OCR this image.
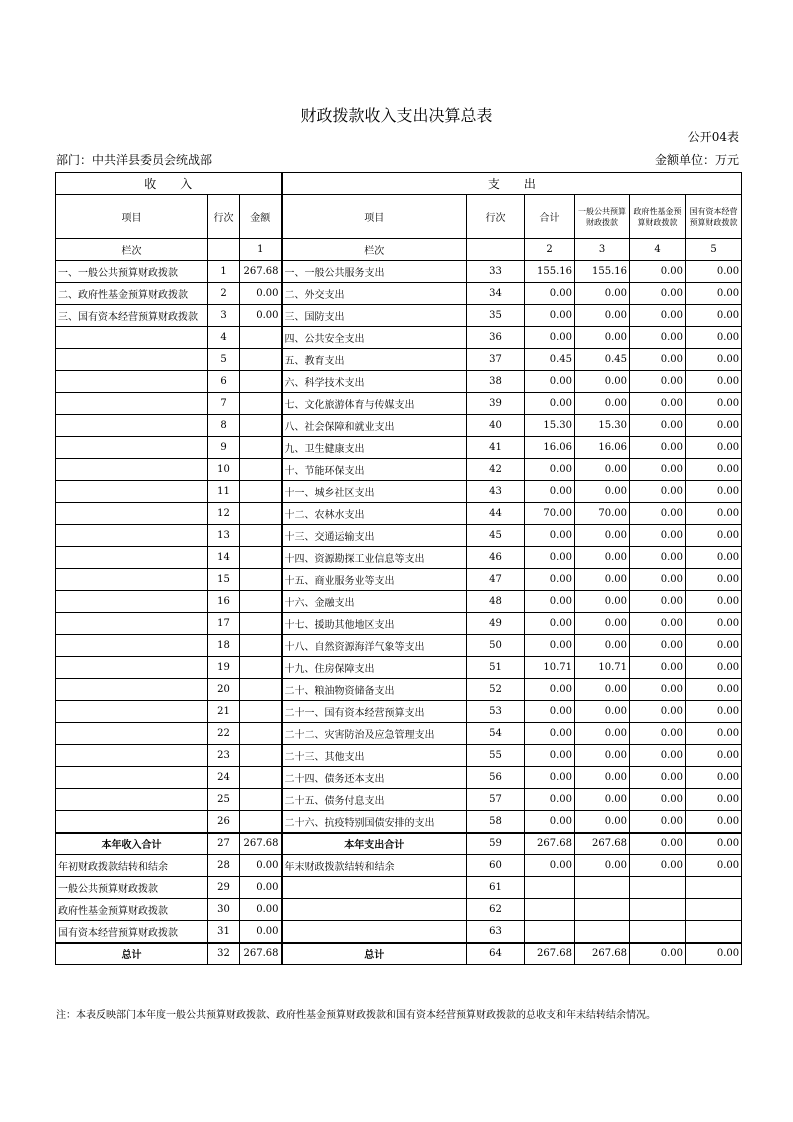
财政拨款收入支出决算总表
公开04表
部门：中共洋县委员会统战部	金额单位：万元
收　　入			支　　出					
项目	行次	金额	项目	行次	合计	一般公共预算财政拨款	政府性基金预算财政拨款	国有资本经营预算财政拨款
栏次		1	栏次		2	3	4	5
一、一般公共预算财政拨款	1	267.68	一、一般公共服务支出	33	155.16	155.16	0.00	0.00
二、政府性基金预算财政拨款	2	0.00	二、外交支出	34	0.00	0.00	0.00	0.00
三、国有资本经营预算财政拨款	3	0.00	三、国防支出	35	0.00	0.00	0.00	0.00
	4		四、公共安全支出	36	0.00	0.00	0.00	0.00
	5		五、教育支出	37	0.45	0.45	0.00	0.00
	6		六、科学技术支出	38	0.00	0.00	0.00	0.00
	7		七、文化旅游体育与传媒支出	39	0.00	0.00	0.00	0.00
	8		八、社会保障和就业支出	40	15.30	15.30	0.00	0.00
	9		九、卫生健康支出	41	16.06	16.06	0.00	0.00
	10		十、节能环保支出	42	0.00	0.00	0.00	0.00
	11		十一、城乡社区支出	43	0.00	0.00	0.00	0.00
	12		十二、农林水支出	44	70.00	70.00	0.00	0.00
	13		十三、交通运输支出	45	0.00	0.00	0.00	0.00
	14		十四、资源勘探工业信息等支出	46	0.00	0.00	0.00	0.00
	15		十五、商业服务业等支出	47	0.00	0.00	0.00	0.00
	16		十六、金融支出	48	0.00	0.00	0.00	0.00
	17		十七、援助其他地区支出	49	0.00	0.00	0.00	0.00
	18		十八、自然资源海洋气象等支出	50	0.00	0.00	0.00	0.00
	19		十九、住房保障支出	51	10.71	10.71	0.00	0.00
	20		二十、粮油物资储备支出	52	0.00	0.00	0.00	0.00
	21		二十一、国有资本经营预算支出	53	0.00	0.00	0.00	0.00
	22		二十二、灾害防治及应急管理支出	54	0.00	0.00	0.00	0.00
	23		二十三、其他支出	55	0.00	0.00	0.00	0.00
	24		二十四、债务还本支出	56	0.00	0.00	0.00	0.00
	25		二十五、债务付息支出	57	0.00	0.00	0.00	0.00
	26		二十六、抗疫特别国债安排的支出	58	0.00	0.00	0.00	0.00
本年收入合计	27	267.68	本年支出合计	59	267.68	267.68	0.00	0.00
年初财政拨款结转和结余	28	0.00	年末财政拨款结转和结余	60	0.00	0.00	0.00	0.00
一般公共预算财政拨款	29	0.00		61				
政府性基金预算财政拨款	30	0.00		62				
国有资本经营预算财政拨款	31	0.00		63				
总计	32	267.68	总计	64	267.68	267.68	0.00	0.00
注：本表反映部门本年度一般公共预算财政拨款、政府性基金预算财政拨款和国有资本经营预算财政拨款的总收支和年末结转结余情况。
